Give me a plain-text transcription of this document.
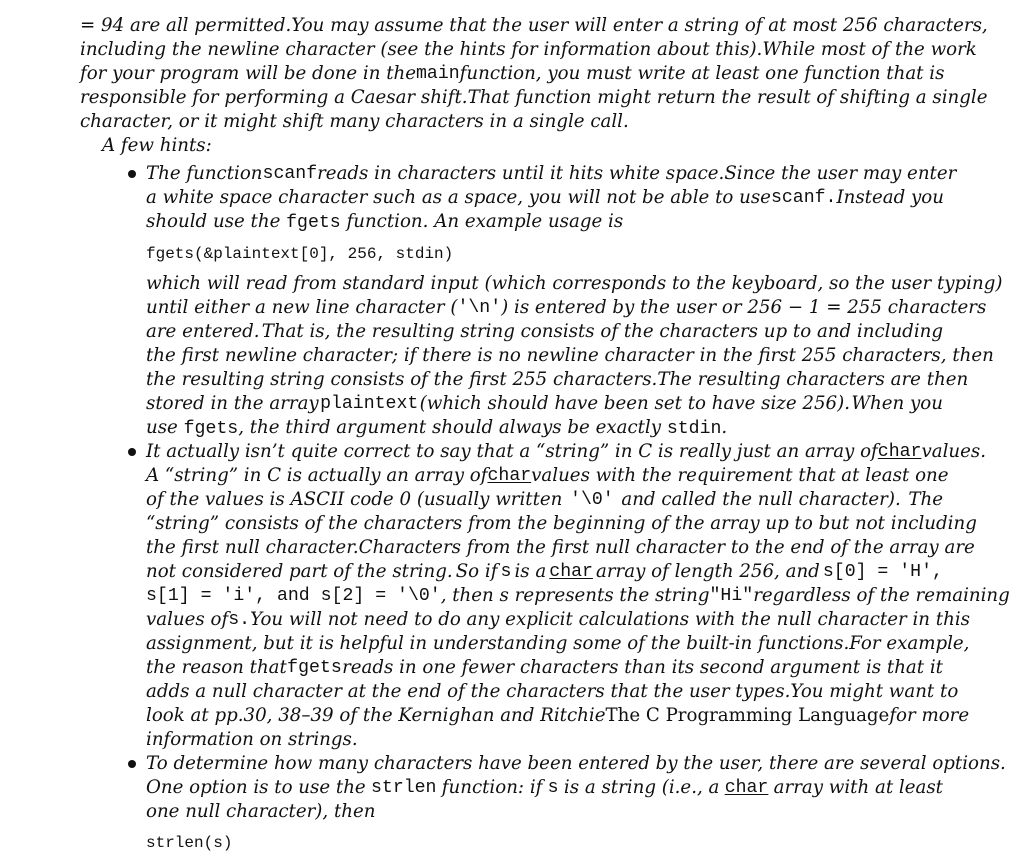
= 94 are all permitted. You may assume that the user will enter a string of at most 256 characters,
including the newline character (see the hints for information about this). While most of the work
for your program will be done in the main function, you must write at least one function that is
responsible for performing a Caesar shift. That function might return the result of shifting a single
character, or it might shift many characters in a single call.
A few hints:
The function scanf reads in characters until it hits white space. Since the user may enter
a white space character such as a space, you will not be able to use scanf. Instead you
should use the fgets function. An example usage is
fgets(&plaintext[0], 256, stdin)
which will read from standard input (which corresponds to the keyboard, so the user typing)
until either a new line character ( '\n' ) is entered by the user or 256 − 1 = 255 characters
are entered. That is, the resulting string consists of the characters up to and including
the first newline character; if there is no newline character in the first 255 characters, then
the resulting string consists of the first 255 characters. The resulting characters are then
stored in the array plaintext (which should have been set to have size 256). When you
use fgets, the third argument should always be exactly stdin.
It actually isn’t quite correct to say that a “string” in C is really just an array of char values.
A “string” in C is actually an array of char values with the requirement that at least one
of the values is ASCII code 0 (usually written '\0' and called the null character). The
“string” consists of the characters from the beginning of the array up to but not including
the first null character. Characters from the first null character to the end of the array are
not considered part of the string. So if s is a char array of length 256, and s[0] = 'H',
s[1] = 'i', and s[2] = '\0' , then s represents the string "Hi" regardless of the remaining
values of s. You will not need to do any explicit calculations with the null character in this
assignment, but it is helpful in understanding some of the built-in functions. For example,
the reason that fgets reads in one fewer characters than its second argument is that it
adds a null character at the end of the characters that the user types. You might want to
look at pp.30, 38–39 of the Kernighan and Ritchie The C Programming Language for more
information on strings.
To determine how many characters have been entered by the user, there are several options.
One option is to use the strlen function: if s is a string (i.e., a char array with at least
one null character), then
strlen(s)
